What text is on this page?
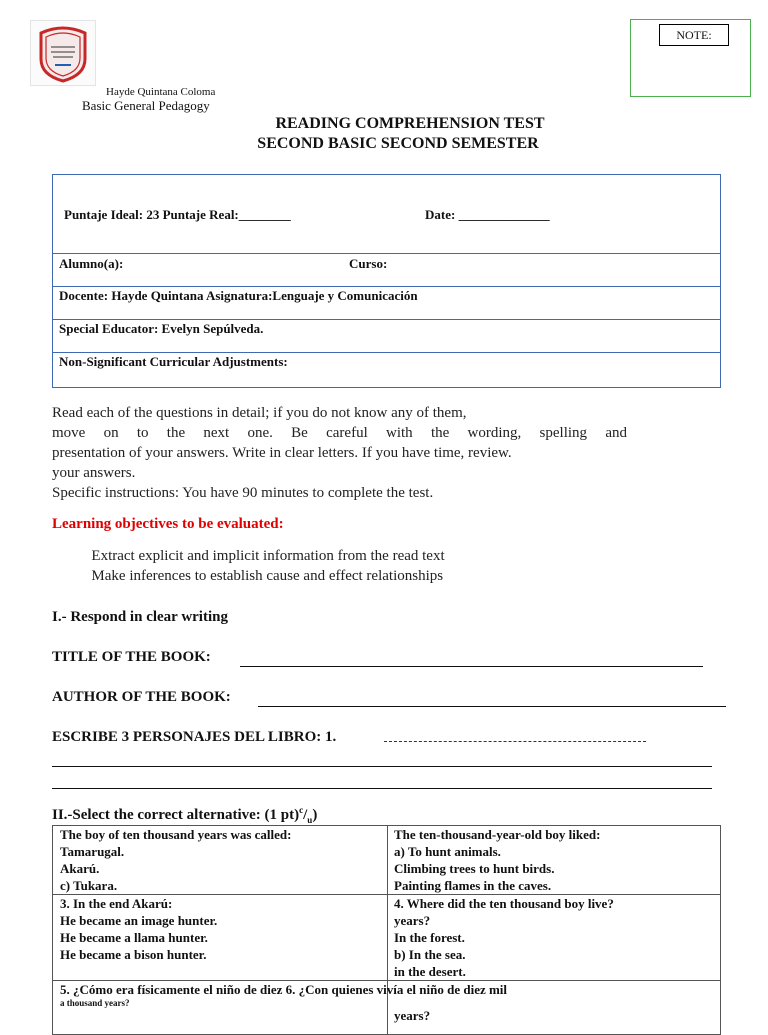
Hayde Quintana Coloma
Basic General Pedagogy
NOTE:
READING COMPREHENSION TEST
SECOND BASIC SECOND SEMESTER
Puntaje Ideal: 23 Puntaje Real:________	Date: ______________
Alumno(a):	Curso:
Docente: Hayde Quintana Asignatura:Lenguaje y Comunicación
Special Educator: Evelyn Sepúlveda.
Non-Significant Curricular Adjustments:
Read each of the questions in detail; if you do not know any of them,
move on to the next one. Be careful with the wording, spelling and
presentation of your answers. Write in clear letters. If you have time, review.
your answers.
Specific instructions: You have 90 minutes to complete the test.
Learning objectives to be evaluated:
Extract explicit and implicit information from the read text
Make inferences to establish cause and effect relationships
I.- Respond in clear writing
TITLE OF THE BOOK:
AUTHOR OF THE BOOK:
ESCRIBE 3 PERSONAJES DEL LIBRO: 1.
II.-Select the correct alternative: (1 $pt)^c/_u$)
The boy of ten thousand years was called:
Tamarugal.
Akarú.
c) Tukara.
The ten-thousand-year-old boy liked:
a) To hunt animals.
Climbing trees to hunt birds.
Painting flames in the caves.
3. In the end Akarú:
He became an image hunter.
He became a llama hunter.
He became a bison hunter.
4. Where did the ten thousand boy live?
years?
In the forest.
b) In the sea.
in the desert.
5. ¿Cómo era físicamente el niño de diez 6. ¿Con quienes vivía el niño de diez mil
a thousand years?
years?
